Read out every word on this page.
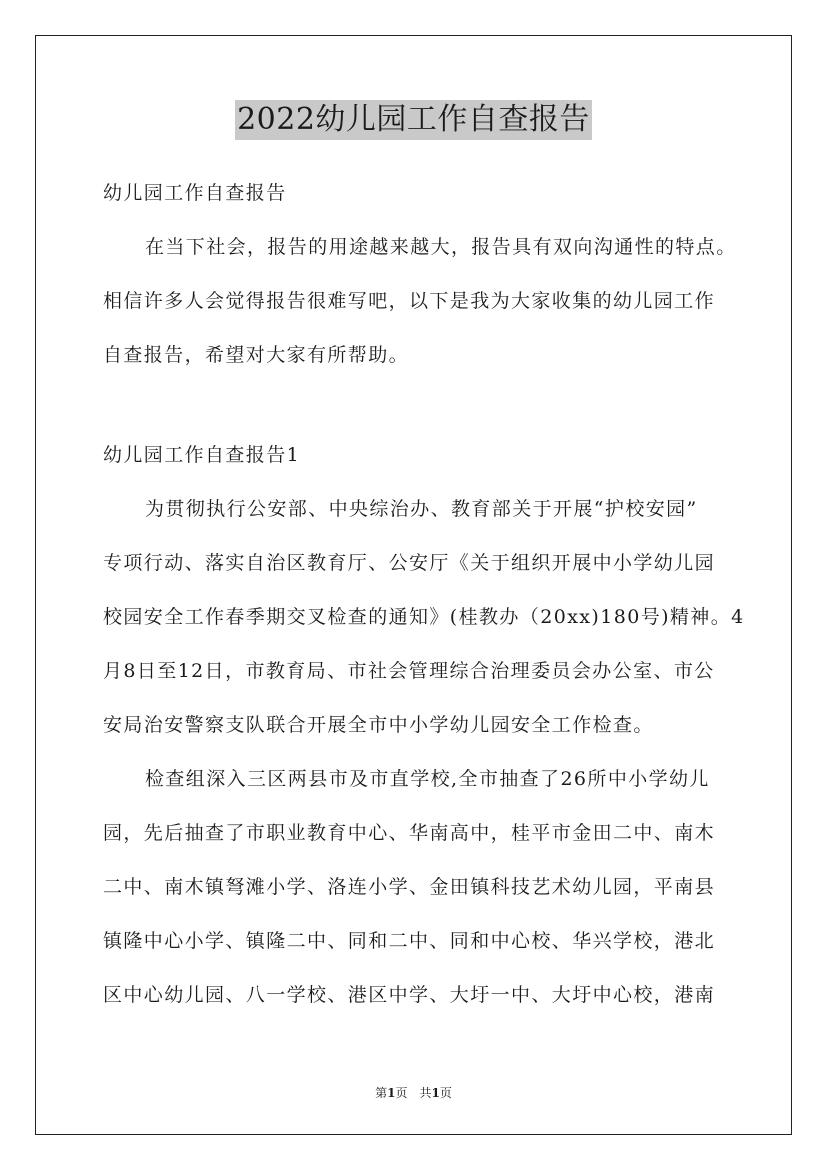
2022幼儿园工作自查报告
幼儿园工作自查报告
在当下社会，报告的用途越来越大，报告具有双向沟通性的特点。
相信许多人会觉得报告很难写吧，以下是我为大家收集的幼儿园工作
自查报告，希望对大家有所帮助。
幼儿园工作自查报告1
为贯彻执行公安部、中央综治办、教育部关于开展“护校安园”
专项行动、落实自治区教育厅、公安厅《关于组织开展中小学幼儿园
校园安全工作春季期交叉检查的通知》(桂教办（20xx)180号)精神。4
月8日至12日，市教育局、市社会管理综合治理委员会办公室、市公
安局治安警察支队联合开展全市中小学幼儿园安全工作检查。
检查组深入三区两县市及市直学校,全市抽查了26所中小学幼儿
园，先后抽查了市职业教育中心、华南高中，桂平市金田二中、南木
二中、南木镇弩滩小学、洛连小学、金田镇科技艺术幼儿园，平南县
镇隆中心小学、镇隆二中、同和二中、同和中心校、华兴学校，港北
区中心幼儿园、八一学校、港区中学、大圩一中、大圩中心校，港南
第1页　共1页
